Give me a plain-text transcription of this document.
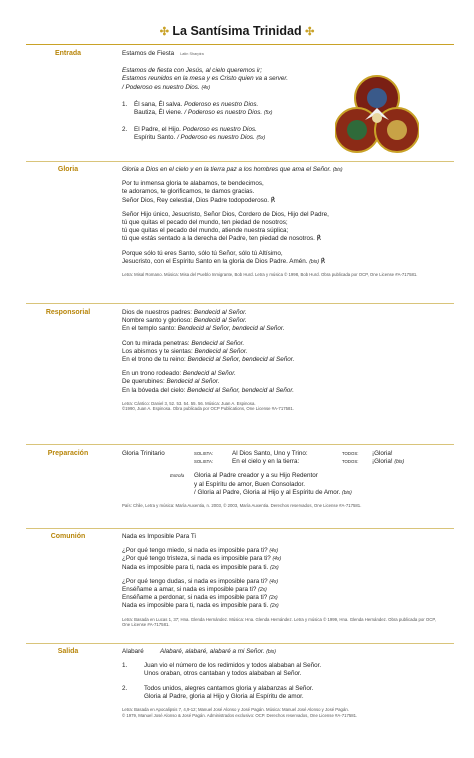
✣ La Santísima Trinidad ✣
Entrada	Estamos de Fiesta Latin Sharpira

Estamos de fiesta con Jesús, al cielo queremos ir;

Estamos reunidos en la mesa y es Cristo quien va a server.

/ Poderoso es nuestro Dios. (4x)

1. Él sana, Él salva. Poderoso es nuestro Dios.

Bautiza, Él viene. / Poderoso es nuestro Dios. (5x)

2. El Padre, el Hijo. Poderoso es nuestro Dios.

Espíritu Santo. / Poderoso es nuestro Dios. (5x)

Gloria	Gloria a Dios en el cielo y en la tierra paz a los hombres que ama el Señor. (bis)

Por tu inmensa gloria te alabamos, te bendecimos,

te adoramos, te glorificamos, te damos gracias.

Señor Dios, Rey celestial, Dios Padre todopoderoso. ℟

Señor Hijo único, Jesucristo, Señor Dios, Cordero de Dios, Hijo del Padre,

tú que quitas el pecado del mundo, ten piedad de nosotros;

tú que quitas el pecado del mundo, atiende nuestra súplica;

tú que estás sentado a la derecha del Padre, ten piedad de nosotros. ℟

Porque sólo tú eres Santo, sólo tú Señor, sólo tú Altísimo,

Jesucristo, con el Espíritu Santo en la gloria de Dios Padre. Amén. (bis) ℟

Letra: Misal Romano. Música: Misa del Pueblo Inmigrante, Bob Hurd. Letra y música © 1998, Bob Hurd. Obra publicada por OCP, One License #A-717581.

Responsorial	Dios de nuestros padres: Bendecid al Señor.

Nombre santo y glorioso: Bendecid al Señor.

En el templo santo: Bendecid al Señor, bendecid al Señor.

Con tu mirada penetras: Bendecid al Señor.

Los abismos y te sientas: Bendecid al Señor.

En el trono de tu reino: Bendecid al Señor, bendecid al Señor.

En un trono rodeado: Bendecid al Señor.

De querubines: Bendecid al Señor.

En la bóveda del cielo: Bendecid al Señor, bendecid al Señor.

Letra: Cántico: Daniel 3, 52. 53. 54. 55. 56. Música: Juan A. Espinosa.

©1990, Juan A. Espinosa. Obra publicada por OCP Publications, One License #A-717581.

Preparación	Gloria Trinitario	SOLISTA:	Al Dios Santo, Uno y Trino:	TODOS:	¡Gloria!
SOLISTA:	En el cielo y en la tierra:	TODOS:	¡Gloria! (bis)
Estrofa	Gloria al Padre creador y a su Hijo Redentor
y al Espíritu de amor, Buen Consolador.
/ Gloria al Padre, Gloria al Hijo y al Espíritu de Amor. (bis)

País: Chile, Letra y música: María Auxentia, n. 2003, © 2003, María Auxentia. Derechos reservados, One License #A-717581.

Comunión	Nada es Imposible Para Ti

¿Por qué tengo miedo, si nada es imposible para ti? (4x)

¿Por qué tengo tristeza, si nada es imposible para ti? (4x)

Nada es imposible para ti, nada es imposible para ti. (2x)

¿Por qué tengo dudas, si nada es imposible para ti? (4x)

Enséñame a amar, si nada es imposible para ti? (2x)

Enséñame a perdonar, si nada es imposible para ti? (2x)

Nada es imposible para ti, nada es imposible para ti. (2x)

Letra: Basada en Lucas 1, 37; Hna. Glenda Hernández. Música: Hna. Glenda Hernández. Letra y música © 1999, Hna. Glenda Hernández. Obra publicada por OCP, One License #A-717581.

Salida	Alabaré	Alabaré, alabaré, alabaré a mi Señor. (bis)
1.	Juan vio el número de los redimidos y todos alababan al Señor.
Unos oraban, otros cantaban y todos alababan al Señor.
2.	Todos unidos, alegres cantamos gloria y alabanzas al Señor.
Gloria al Padre, gloria al Hijo y Gloria al Espíritu de amor.

Letra: Basada en Apocalipsis 7, 4,9-12; Manuel José Alonso y José Pagán. Música: Manuel José Alonso y José Pagán.

© 1979, Manuel José Alonso & José Pagán. Administrados exclusivo: OCP. Derechos reservados, One License #A-717581.
